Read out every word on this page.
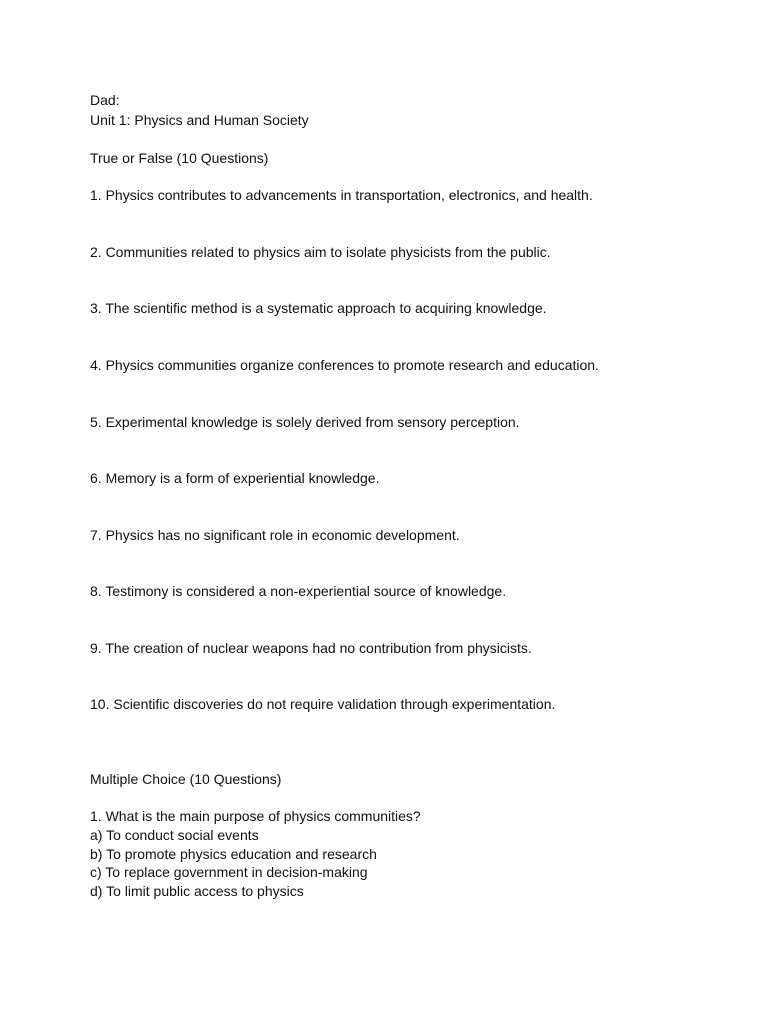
Dad:
Unit 1: Physics and Human Society
True or False (10 Questions)
1. Physics contributes to advancements in transportation, electronics, and health.
2. Communities related to physics aim to isolate physicists from the public.
3. The scientific method is a systematic approach to acquiring knowledge.
4. Physics communities organize conferences to promote research and education.
5. Experimental knowledge is solely derived from sensory perception.
6. Memory is a form of experiential knowledge.
7. Physics has no significant role in economic development.
8. Testimony is considered a non-experiential source of knowledge.
9. The creation of nuclear weapons had no contribution from physicists.
10. Scientific discoveries do not require validation through experimentation.
Multiple Choice (10 Questions)
1. What is the main purpose of physics communities?
a) To conduct social events
b) To promote physics education and research
c) To replace government in decision-making
d) To limit public access to physics
